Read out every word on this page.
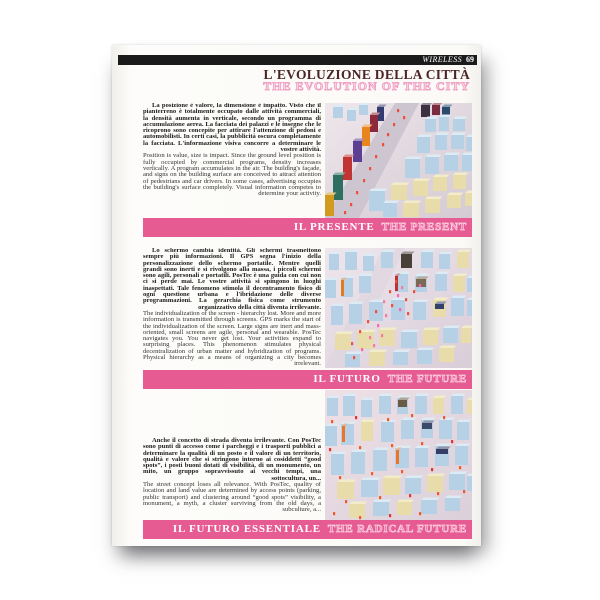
WIRELESS 69
L'EVOLUZIONE DELLA CITTÀ
THE EVOLUTION OF THE CITY

La posizione è valore, la dimensione è impatto. Visto che il pianterreno è totalmente occupato dalle attività commerciali, la densità aumenta in verticale, secondo un programma di accumulazione aerea. La facciata dei palazzi e le insegne che le ricoprono sono concepite per attirare l'attenzione di pedoni e automobilisti. In certi casi, la pubblicità oscura completamente la facciata. L'informazione visiva concorre a determinare le vostre attività.

Position is value, size is impact. Since the ground level position is fully occupied by commercial programs, density increases vertically. A program accumulates in the air. The building's façade, and signs on the building surface are conceived to attract attention of pedestrians and car drivers. In some cases, advertising occupies the building's surface completely. Visual information competes to determine your activity.

IL PRESENTE THE PRESENT

Lo schermo cambia identità. Gli schermi trasmettono sempre più informazioni. Il GPS segna l'inizio della personalizzazione dello schermo portatile. Mentre quelli grandi sono inerti e si rivolgono alla massa, i piccoli schermi sono agili, personali e portatili. PosTec è una guida con cui non ci si perde mai. Le vostre attività si spingono in luoghi inaspettati. Tale fenomeno stimola il decentramento fisico di ogni questione urbana e l'ibridazione delle diverse programmazioni. La gerarchia fisica come strumento organizzativo della città diventa irrilevante.

The individualization of the screen - hierarchy lost. More and more information is transmitted through screens. GPS marks the start of the individualization of the screen. Large signs are inert and mass-oriented, small screens are agile, personal and wearable. PosTec navigates you. You never get lost. Your activities expand to surprising places. This phenomenon stimulates physical decentralization of urban matter and hybridization of programs. Physical hierarchy as a means of organizing a city becomes irrelevant.

IL FUTURO THE FUTURE

Anche il concetto di strada diventa irrilevante. Con PosTec sono punti di accesso come i parcheggi e i trasporti pubblici a determinare la qualità di un posto e il valore di un territorio, qualità e valore che si stringono intorno ai cosiddetti “good spots”, i posti buoni dotati di visibilità, di un monumento, un mito, un gruppo sopravvissuto ai vecchi tempi, una sottocultura, un...

The street concept loses all relevance. With PosTec, quality of location and land value are determined by access points (parking, public transport) and clustering around “good spots” visibility, a monument, a myth, a cluster surviving from the old days, a subculture, a...

IL FUTURO ESSENTIALE THE RADICAL FUTURE
